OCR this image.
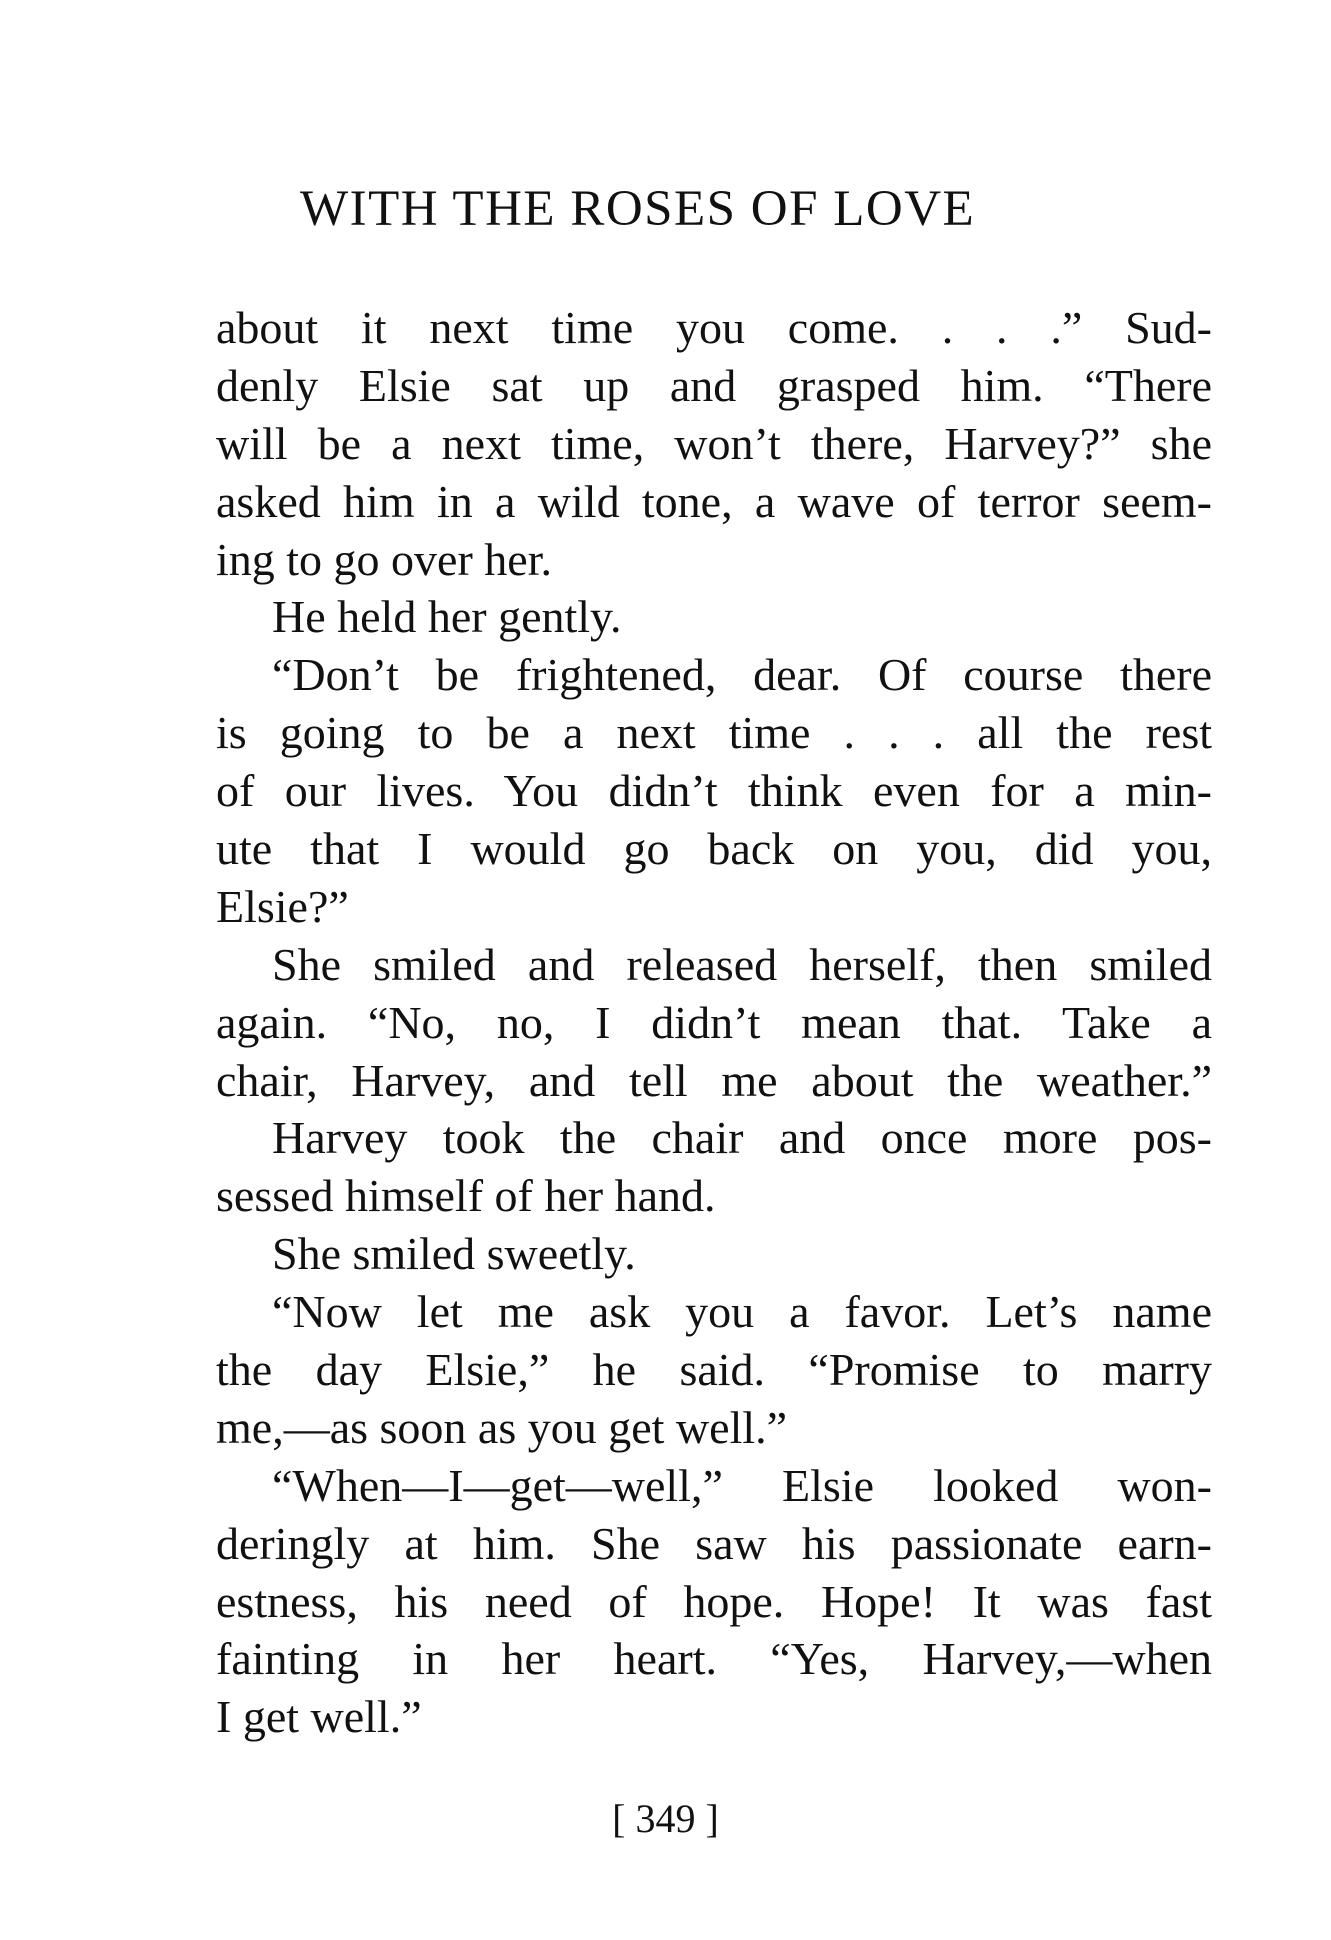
WITH THE ROSES OF LOVE
about it next time you come. . . .” Sud-
denly Elsie sat up and grasped him. “There
will be a next time, won’t there, Harvey?” she
asked him in a wild tone, a wave of terror seem-
ing to go over her.
He held her gently.
“Don’t be frightened, dear. Of course there
is going to be a next time . . . all the rest
of our lives. You didn’t think even for a min-
ute that I would go back on you, did you,
Elsie?”
She smiled and released herself, then smiled
again. “No, no, I didn’t mean that. Take a
chair, Harvey, and tell me about the weather.”
Harvey took the chair and once more pos-
sessed himself of her hand.
She smiled sweetly.
“Now let me ask you a favor. Let’s name
the day Elsie,” he said. “Promise to marry
me,—as soon as you get well.”
“When—I—get—well,” Elsie looked won-
deringly at him. She saw his passionate earn-
estness, his need of hope. Hope! It was fast
fainting in her heart. “Yes, Harvey,—when
I get well.”
[ 349 ]
